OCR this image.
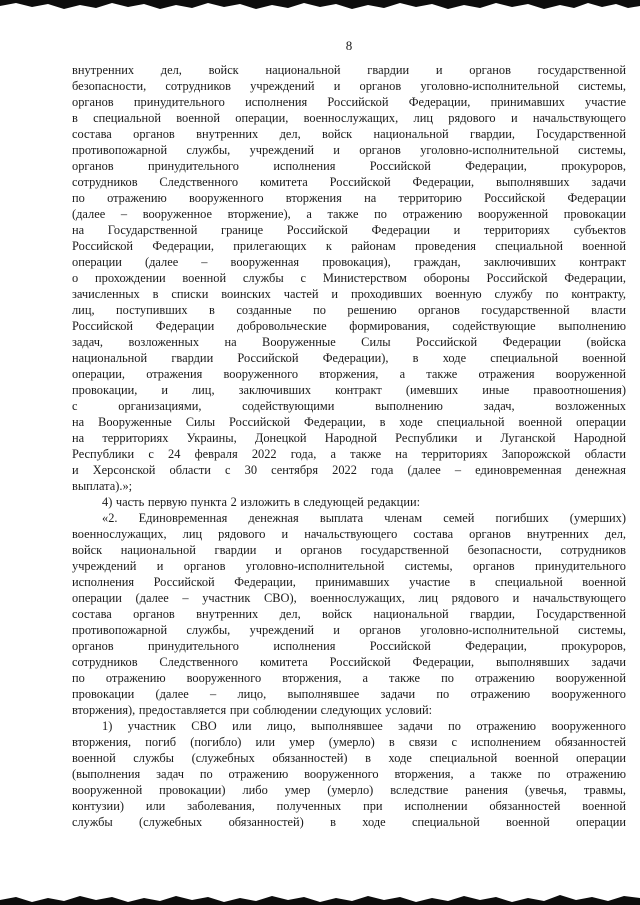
8
внутренних дел, войск национальной гвардии и органов государственной
безопасности, сотрудников учреждений и органов уголовно-исполнительной системы,
органов принудительного исполнения Российской Федерации, принимавших участие
в специальной военной операции, военнослужащих, лиц рядового и начальствующего
состава органов внутренних дел, войск национальной гвардии, Государственной
противопожарной службы, учреждений и органов уголовно-исполнительной системы,
органов принудительного исполнения Российской Федерации, прокуроров,
сотрудников Следственного комитета Российской Федерации, выполнявших задачи
по отражению вооруженного вторжения на территорию Российской Федерации
(далее – вооруженное вторжение), а также по отражению вооруженной провокации
на Государственной границе Российской Федерации и территориях субъектов
Российской Федерации, прилегающих к районам проведения специальной военной
операции (далее – вооруженная провокация), граждан, заключивших контракт
о прохождении военной службы с Министерством обороны Российской Федерации,
зачисленных в списки воинских частей и проходивших военную службу по контракту,
лиц, поступивших в созданные по решению органов государственной власти
Российской Федерации добровольческие формирования, содействующие выполнению
задач, возложенных на Вооруженные Силы Российской Федерации (войска
национальной гвардии Российской Федерации), в ходе специальной военной
операции, отражения вооруженного вторжения, а также отражения вооруженной
провокации, и лиц, заключивших контракт (имевших иные правоотношения)
с организациями, содействующими выполнению задач, возложенных
на Вооруженные Силы Российской Федерации, в ходе специальной военной операции
на территориях Украины, Донецкой Народной Республики и Луганской Народной
Республики с 24 февраля 2022 года, а также на территориях Запорожской области
и Херсонской области с 30 сентября 2022 года (далее – единовременная денежная
выплата).»;
4) часть первую пункта 2 изложить в следующей редакции:
«2. Единовременная денежная выплата членам семей погибших (умерших)
военнослужащих, лиц рядового и начальствующего состава органов внутренних дел,
войск национальной гвардии и органов государственной безопасности, сотрудников
учреждений и органов уголовно-исполнительной системы, органов принудительного
исполнения Российской Федерации, принимавших участие в специальной военной
операции (далее – участник СВО), военнослужащих, лиц рядового и начальствующего
состава органов внутренних дел, войск национальной гвардии, Государственной
противопожарной службы, учреждений и органов уголовно-исполнительной системы,
органов принудительного исполнения Российской Федерации, прокуроров,
сотрудников Следственного комитета Российской Федерации, выполнявших задачи
по отражению вооруженного вторжения, а также по отражению вооруженной
провокации (далее – лицо, выполнявшее задачи по отражению вооруженного
вторжения), предоставляется при соблюдении следующих условий:
1) участник СВО или лицо, выполнявшее задачи по отражению вооруженного
вторжения, погиб (погибло) или умер (умерло) в связи с исполнением обязанностей
военной службы (служебных обязанностей) в ходе специальной военной операции
(выполнения задач по отражению вооруженного вторжения, а также по отражению
вооруженной провокации) либо умер (умерло) вследствие ранения (увечья, травмы,
контузии) или заболевания, полученных при исполнении обязанностей военной
службы (служебных обязанностей) в ходе специальной военной операции
